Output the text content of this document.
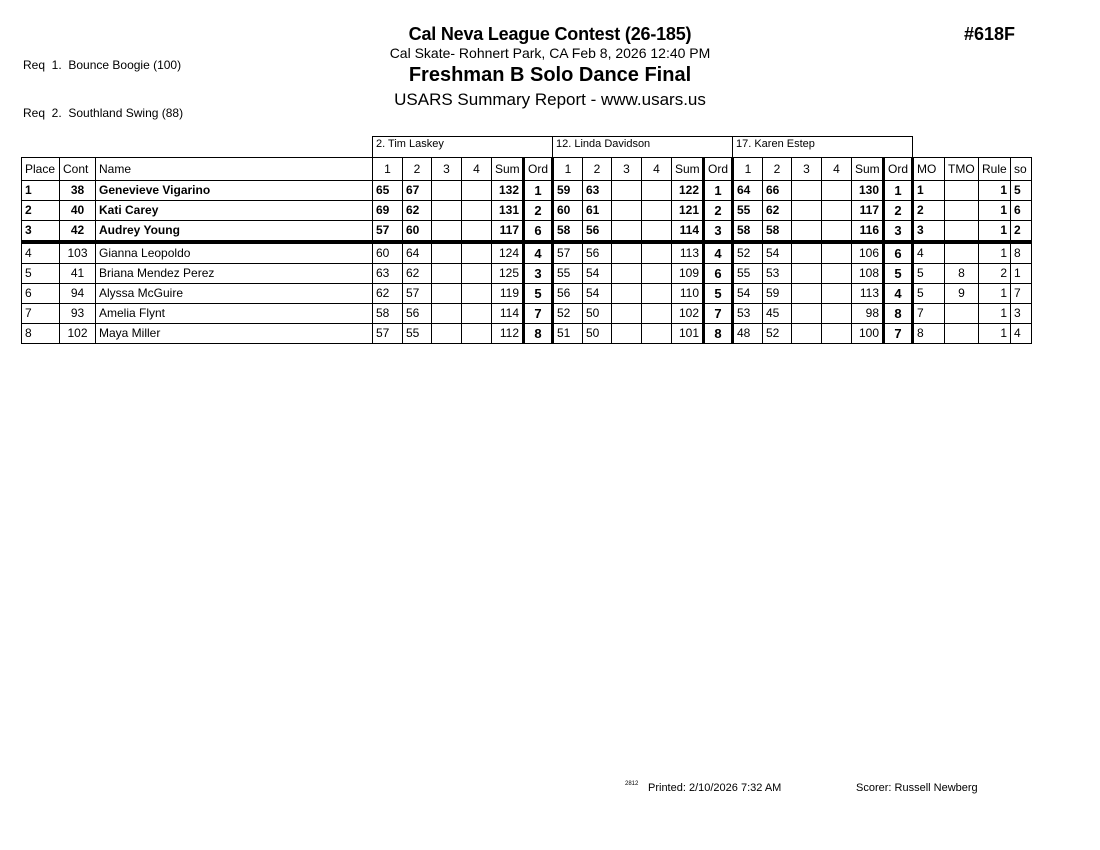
Req  1.  Bounce Boogie (100)

Req  2.  Southland Swing (88)

Cal Neva League Contest (26-185)
Cal Skate- Rohnert Park, CA Feb 8, 2026 12:40 PM
Freshman B Solo Dance Final
USARS Summary Report - www.usars.us
#618F
			2. Tim Laskey						12. Linda Davidson						17. Karen Estep									
Place	Cont	Name	1	2	3	4	Sum	Ord	1	2	3	4	Sum	Ord	1	2	3	4	Sum	Ord	MO	TMO	Rule	so
1	38	Genevieve Vigarino	65	67			132	1	59	63			122	1	64	66			130	1	1		1	5
2	40	Kati Carey	69	62			131	2	60	61			121	2	55	62			117	2	2		1	6
3	42	Audrey Young	57	60			117	6	58	56			114	3	58	58			116	3	3		1	2
4	103	Gianna Leopoldo	60	64			124	4	57	56			113	4	52	54			106	6	4		1	8
5	41	Briana Mendez Perez	63	62			125	3	55	54			109	6	55	53			108	5	5	8	2	1
6	94	Alyssa McGuire	62	57			119	5	56	54			110	5	54	59			113	4	5	9	1	7
7	93	Amelia Flynt	58	56			114	7	52	50			102	7	53	45			98	8	7		1	3
8	102	Maya Miller	57	55			112	8	51	50			101	8	48	52			100	7	8		1	4
2812 Printed: 2/10/2026 7:32 AM	Scorer: Russell Newberg
